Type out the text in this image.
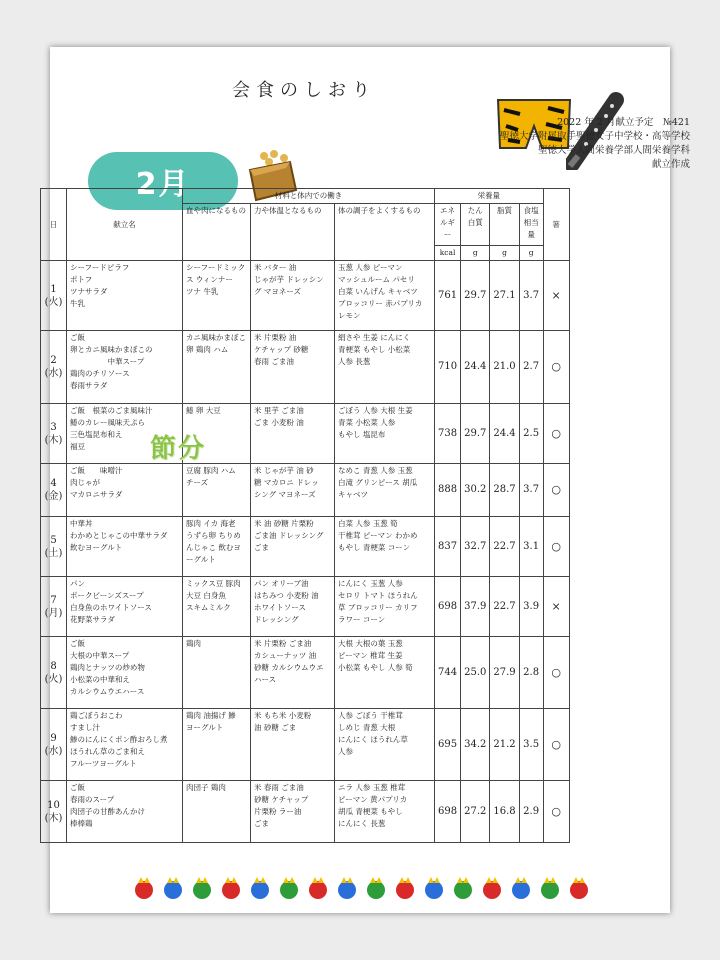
会食のしおり
2月
2022 年 2 月献立予定　№421
聖徳大学附属取手聖徳女子中学校・高等学校
聖徳大学人間栄養学部人間栄養学科
献立作成
日	献立名	材料と体内での働き			栄養量				箸
		血や肉になるもの	力や体温となるもの	体の調子をよくするもの	エネルギー	たん白質	脂質	食塩相当量	
					kcal	g	g	g	

1
(火)	シーフードピラフ
ポトフ
ツナサラダ
牛乳	シーフードミック
ス ウィンナー
ツナ 牛乳	米 バター 油
じゃが芋 ドレッシン
グ マヨネーズ	玉葱 人参 ピーマン
マッシュルーム パセリ
白菜 いんげん キャベツ
ブロッコリー 赤パプリカ
レモン	761	29.7	27.1	3.7	×

2
(水)	ご飯
卵とカニ風味かまぼこの
　　　　　中華スープ
鶏肉のチリソース
春雨サラダ	カニ風味かまぼこ
卵 鶏肉 ハム	米 片栗粉 油
ケチャップ 砂糖
春雨 ごま油	絹さや 生姜 にんにく
青梗菜 もやし 小松菜
人参 長葱	710	24.4	21.0	2.7	○

3
(木)	ご飯　根菜のごま風味汁
鰆のカレー風味天ぷら
三色塩昆布和え
福豆	鰆 卵 大豆	米 里芋 ごま油
ごま 小麦粉 油	ごぼう 人参 大根 生姜
青菜 小松菜 人参
もやし 塩昆布	738	29.7	24.4	2.5	○

4
(金)	ご飯　　味噌汁
肉じゃが
マカロニサラダ	豆腐 豚肉 ハム
チーズ	米 じゃが芋 油 砂
糖 マカロニ ドレッ
シング マヨネーズ	なめこ 青葱 人参 玉葱
白滝 グリンピース 胡瓜
キャベツ	888	30.2	28.7	3.7	○

5
(土)	中華丼
わかめとじゃこの中華サラダ
飲むヨーグルト	豚肉 イカ 海老
うずら卵 ちりめ
んじゃこ 飲むヨ
ーグルト	米 油 砂糖 片栗粉
ごま油 ドレッシング
ごま	白菜 人参 玉葱 筍
干椎茸 ピーマン わかめ
もやし 青梗菜 コーン	837	32.7	22.7	3.1	○

7
(月)	パン
ポークビーンズスープ
白身魚のホワイトソース
花野菜サラダ	ミックス豆 豚肉
大豆 白身魚
スキムミルク	パン オリーブ油
はちみつ 小麦粉 油
ホワイトソース
ドレッシング	にんにく 玉葱 人参
セロリ トマト ほうれん
草 ブロッコリー カリフ
ラワー コーン	698	37.9	22.7	3.9	×

8
(火)	ご飯
大根の中華スープ
鶏肉とナッツの炒め物
小松菜の中華和え
カルシウムウエハース	鶏肉	米 片栗粉 ごま油
カシューナッツ 油
砂糖 カルシウムウエ
ハース	大根 大根の葉 玉葱
ピーマン 椎茸 生姜
小松菜 もやし 人参 筍	744	25.0	27.9	2.8	○

9
(水)	鶏ごぼうおこわ
すまし汁
鯵のにんにくポン酢おろし煮
ほうれん草のごま和え
フルーツヨーグルト	鶏肉 油揚げ 鯵
ヨーグルト	米 もち米 小麦粉
油 砂糖 ごま	人参 ごぼう 干椎茸
しめじ 青葱 大根
にんにく ほうれん草
人参	695	34.2	21.2	3.5	○

10
(木)	ご飯
春雨のスープ
肉団子の甘酢あんかけ
棒棒鶏	肉団子 鶏肉	米 春雨 ごま油
砂糖 ケチャップ
片栗粉 ラー油
ごま	ニラ 人参 玉葱 椎茸
ピーマン 黄パプリカ
胡瓜 青梗菜 もやし
にんにく 長葱	698	27.2	16.8	2.9	○
節分
